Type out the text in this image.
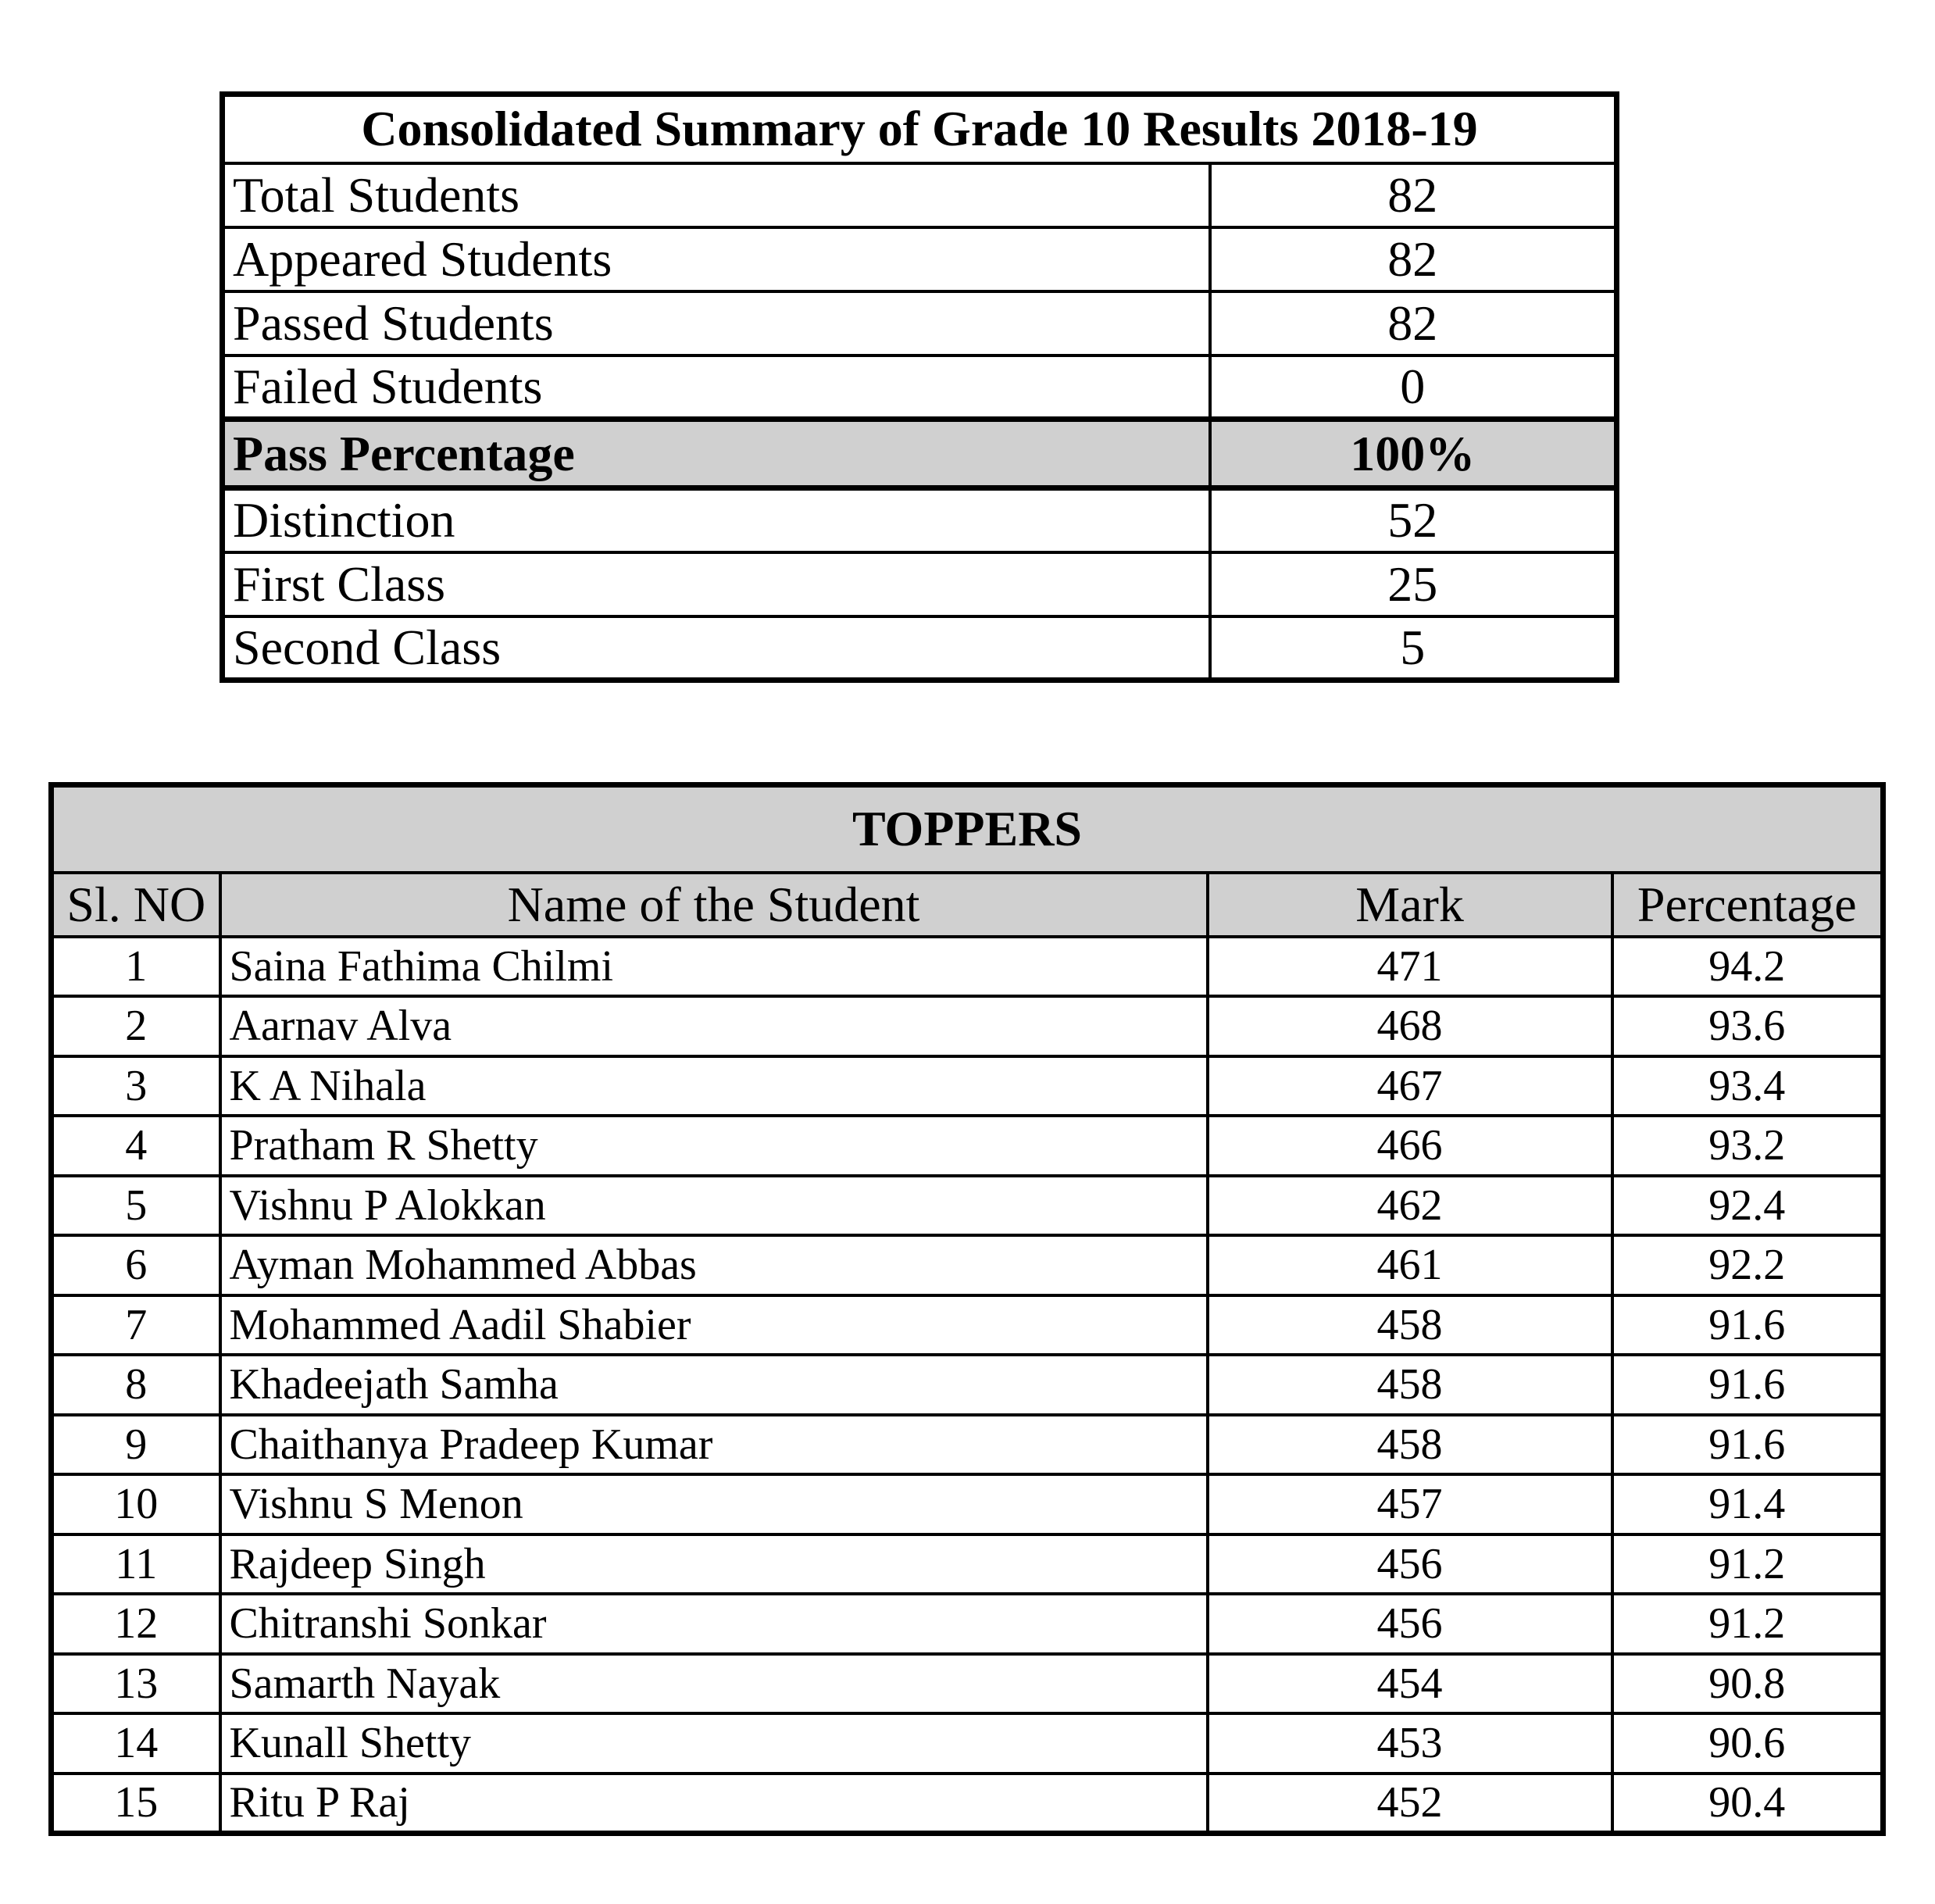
Consolidated Summary of Grade 10 Results 2018-19	
Total Students	82
Appeared Students	82
Passed Students	82
Failed Students	0
Pass Percentage	100%
Distinction	52
First Class	25
Second Class	5
TOPPERS			
Sl. NO	Name of the Student	Mark	Percentage
1	Saina Fathima Chilmi	471	94.2
2	Aarnav Alva	468	93.6
3	K A Nihala	467	93.4
4	Pratham R Shetty	466	93.2
5	Vishnu P Alokkan	462	92.4
6	Ayman Mohammed Abbas	461	92.2
7	Mohammed Aadil Shabier	458	91.6
8	Khadeejath Samha	458	91.6
9	Chaithanya Pradeep Kumar	458	91.6
10	Vishnu S Menon	457	91.4
11	Rajdeep Singh	456	91.2
12	Chitranshi Sonkar	456	91.2
13	Samarth Nayak	454	90.8
14	Kunall Shetty	453	90.6
15	Ritu P Raj	452	90.4
